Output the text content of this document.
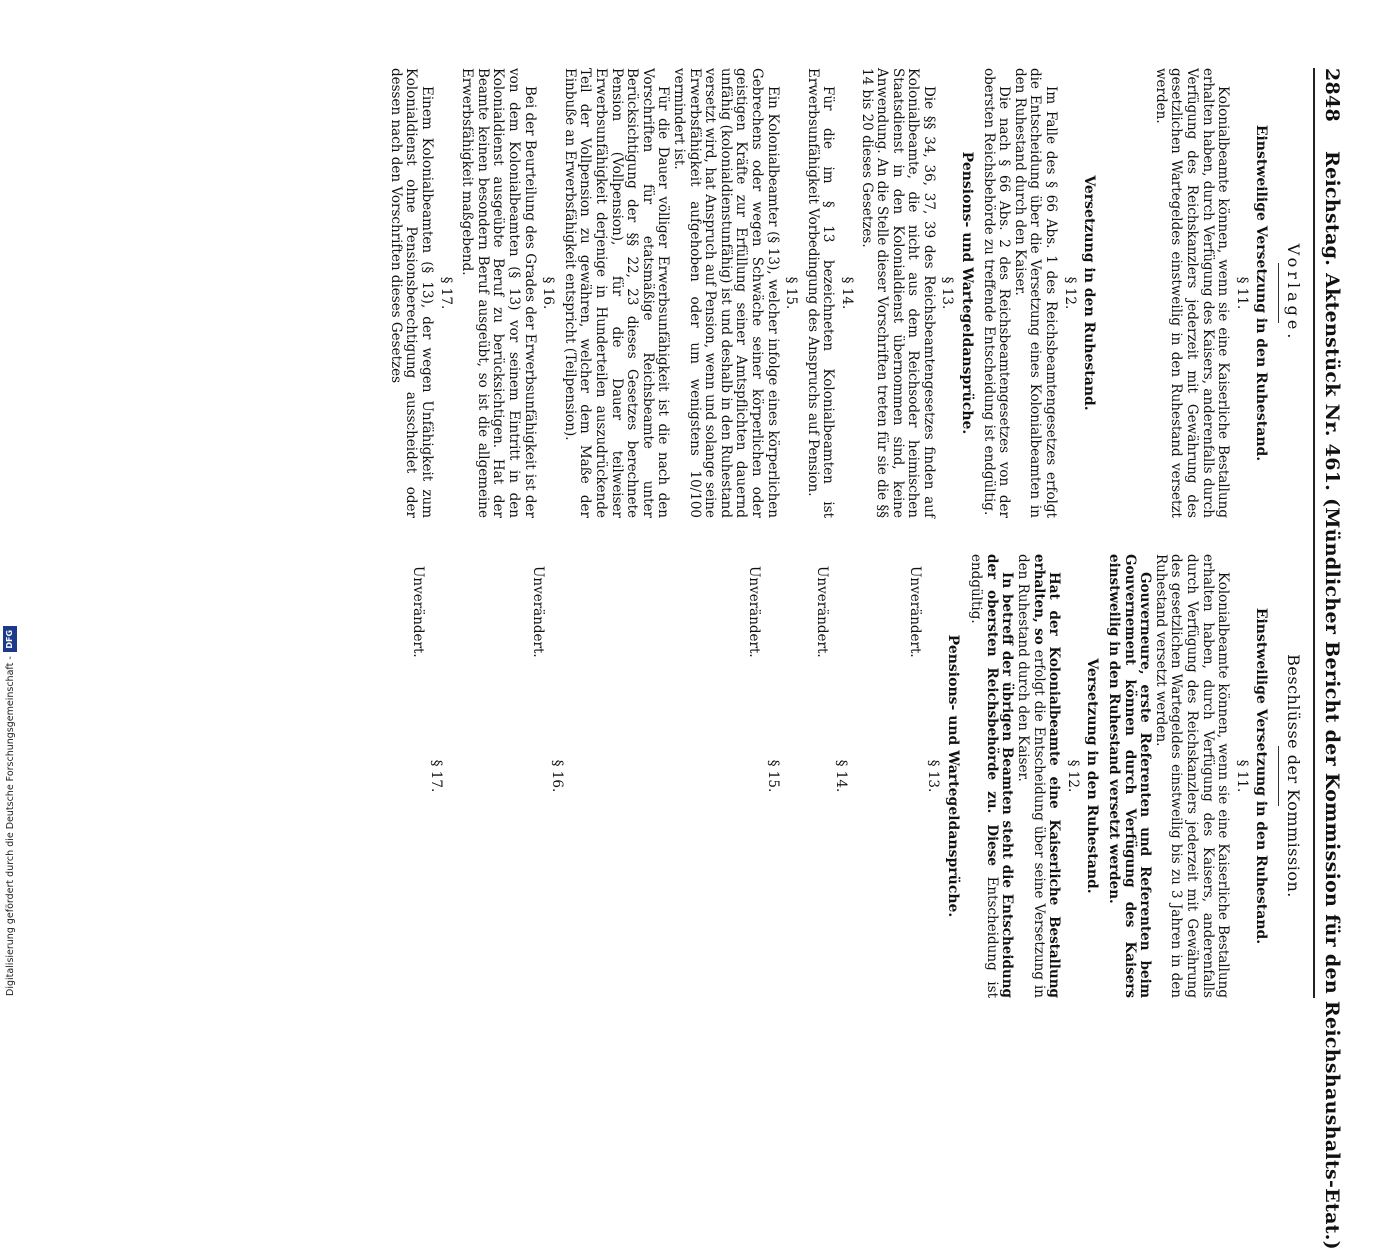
2848 Reichstag. Aktenstück Nr. 461. (Mündlicher Bericht der Kommission für den Reichshaushalts-Etat.)
Vorlage.
Einstweilige Versetzung in den Ruhestand.
§ 11.

Kolonialbeamte können, wenn sie eine Kaiserliche Bestallung erhalten haben, durch Verfügung des Kaisers, anderenfalls durch Verfügung des Reichskanzlers jederzeit mit Gewährung des gesetzlichen Wartegeldes einstweilig in den Ruhestand versetzt werden.

Versetzung in den Ruhestand.
§ 12.

Im Falle des § 66 Abs. 1 des Reichsbeamtengesetzes erfolgt die Entscheidung über die Versetzung eines Kolonialbeamten in den Ruhestand durch den Kaiser.

Die nach § 66 Abs. 2 des Reichsbeamtengesetzes von der obersten Reichsbehörde zu treffende Entscheidung ist endgültig.

Pensions- und Wartegeldansprüche.
§ 13.

Die §§ 34, 36, 37, 39 des Reichsbeamtengesetzes finden auf Kolonialbeamte, die nicht aus dem Reichsoder heimischen Staatsdienst in den Kolonialdienst übernommen sind, keine Anwendung. An die Stelle dieser Vorschriften treten für sie die §§ 14 bis 20 dieses Gesetzes.

§ 14.

Für die im § 13 bezeichneten Kolonialbeamten ist Erwerbsunfähigkeit Vorbedingung des Anspruchs auf Pension.

§ 15.

Ein Kolonialbeamter (§ 13), welcher infolge eines körperlichen Gebrechens oder wegen Schwäche seiner körperlichen oder geistigen Kräfte zur Erfüllung seiner Amtspflichten dauernd unfähig (kolonialdienstunfähig) ist und deshalb in den Ruhestand versetzt wird, hat Anspruch auf Pension, wenn und solange seine Erwerbsfähigkeit aufgehoben oder um wenigstens 10/100 vermindert ist.

Für die Dauer völliger Erwerbsunfähigkeit ist die nach den Vorschriften für etatsmäßige Reichsbeamte unter Berücksichtigung der §§ 22, 23 dieses Gesetzes berechnete Pension (Vollpension), für die Dauer teilweiser Erwerbsunfähigkeit derjenige in Hunderteilen auszudrückende Teil der Vollpension zu gewähren, welcher dem Maße der Einbuße an Erwerbsfähigkeit entspricht (Teilpension).

§ 16.

Bei der Beurteilung des Grades der Erwerbsunfähigkeit ist der von dem Kolonialbeamten (§ 13) vor seinem Eintritt in den Kolonialdienst ausgeübte Beruf zu berücksichtigen. Hat der Beamte keinen besondern Beruf ausgeübt, so ist die allgemeine Erwerbsfähigkeit maßgebend.

§ 17.

Einem Kolonialbeamten (§ 13), der wegen Unfähigkeit zum Kolonialdienst ohne Pensionsberechtigung ausscheidet oder dessen nach den Vorschriften dieses Gesetzes

Beschlüsse der Kommission.
Einstweilige Versetzung in den Ruhestand.
§ 11.

Kolonialbeamte können, wenn sie eine Kaiserliche Bestallung erhalten haben, durch Verfügung des Kaisers, anderenfalls durch Verfügung des Reichskanzlers jederzeit mit Gewährung des gesetzlichen Wartegeldes einstweilig bis zu 3 Jahren in den Ruhestand versetzt werden.

Gouverneure, erste Referenten und Referenten beim Gouvernement können durch Verfügung des Kaisers einstweilig in den Ruhestand versetzt werden.

Versetzung in den Ruhestand.
§ 12.

Hat der Kolonialbeamte eine Kaiserliche Bestallung erhalten, so erfolgt die Entscheidung über seine Versetzung in den Ruhestand durch den Kaiser.

In betreff der übrigen Beamten steht die Entscheidung der obersten Reichsbehörde zu. Diese Entscheidung ist endgültig.

Pensions- und Wartegeldansprüche.
§ 13.

Unverändert.

§ 14.

Unverändert.

§ 15.

Unverändert.

§ 16.

Unverändert.

§ 17.

Unverändert.

Digitalisierung gefördert durch die Deutsche Forschungsgemeinschaft -
DFG
